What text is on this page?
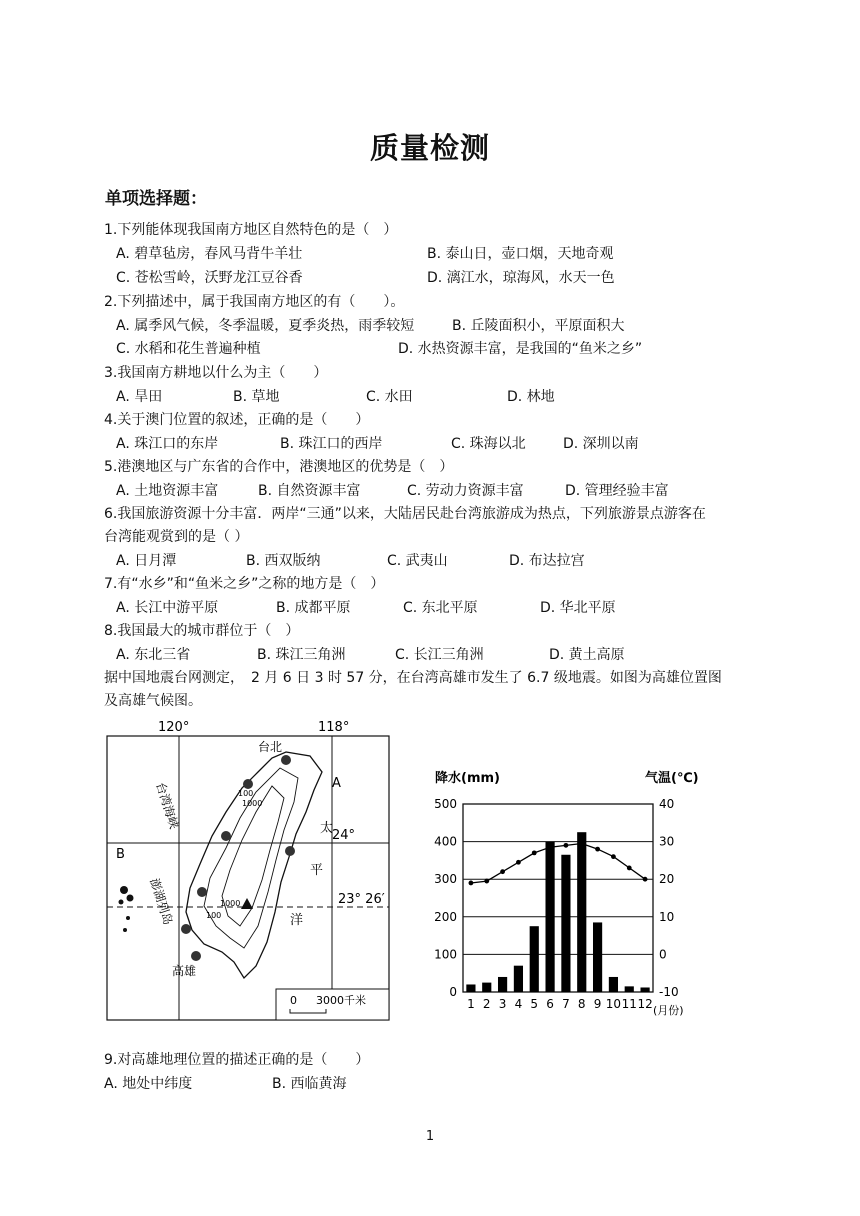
质量检测
单项选择题：
1.下列能体现我国南方地区自然特色的是（　）
A. 碧草毡房，春风马背牛羊壮	B. 泰山日，壶口烟，天地奇观
C. 苍松雪岭，沃野龙江豆谷香	D. 漓江水，琼海风，水天一色
2.下列描述中，属于我国南方地区的有（　　）。
A. 属季风气候，冬季温暖，夏季炎热，雨季较短	B. 丘陵面积小，平原面积大
C. 水稻和花生普遍种植	D. 水热资源丰富，是我国的“鱼米之乡”
3.我国南方耕地以什么为主（　　）
A. 旱田	B. 草地	C. 水田	D. 林地
4.关于澳门位置的叙述，正确的是（　　）
A. 珠江口的东岸	B. 珠江口的西岸	C. 珠海以北	D. 深圳以南
5.港澳地区与广东省的合作中，港澳地区的优势是（　）
A. 土地资源丰富	B. 自然资源丰富	C. 劳动力资源丰富	D. 管理经验丰富
6.我国旅游资源十分丰富．两岸“三通”以来，大陆居民赴台湾旅游成为热点，下列旅游景点游客在
台湾能观赏到的是（ ）
A. 日月潭	B. 西双版纳	C. 武夷山	D. 布达拉宫
7.有“水乡”和“鱼米之乡”之称的地方是（　）
A. 长江中游平原	B. 成都平原	C. 东北平原	D. 华北平原
8.我国最大的城市群位于（　）
A. 东北三省	B. 珠江三角洲	C. 长江三角洲	D. 黄土高原
据中国地震台网测定，　2 月 6 日 3 时 57 分，在台湾高雄市发生了 6.7 级地震。如图为高雄位置图
及高雄气候图。
120°	118°
台北
高雄
A
B
24°
23° 26′
100
1000
1000
100
台湾海峡
澎湖列岛
太
平
洋
0 3000千米
降水(mm)	气温(℃)
(月份)
500
400
300
200
100
0
40
30
20
10
0
-10
1 2 3 4 5 6 7 8 9 10 11 12
9.对高雄地理位置的描述正确的是（　　）
A. 地处中纬度	B. 西临黄海
1
